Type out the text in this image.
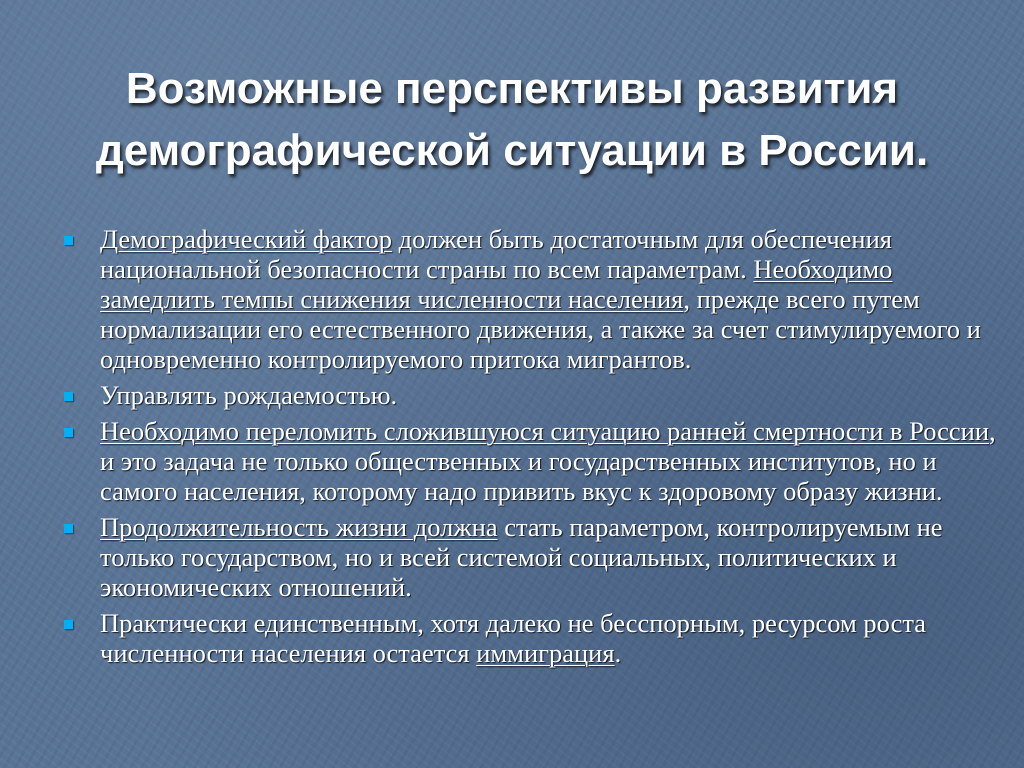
Возможные перспективы развития
демографической ситуации в России.
Демографический фактор должен быть достаточным для обеспечения национальной безопасности страны по всем параметрам. Необходимо замедлить темпы снижения численности населения, прежде всего путем нормализации его естественного движения, а также за счет стимулируемого и одновременно контролируемого притока мигрантов.
Управлять рождаемостью.
Необходимо переломить сложившуюся ситуацию ранней смертности в России, и это задача не только общественных и государственных институтов, но и самого населения, которому надо привить вкус к здоровому образу жизни.
Продолжительность жизни должна стать параметром, контролируемым не только государством, но и всей системой социальных, политических и экономических отношений.
Практически единственным, хотя далеко не бесспорным, ресурсом роста численности населения остается иммиграция.
